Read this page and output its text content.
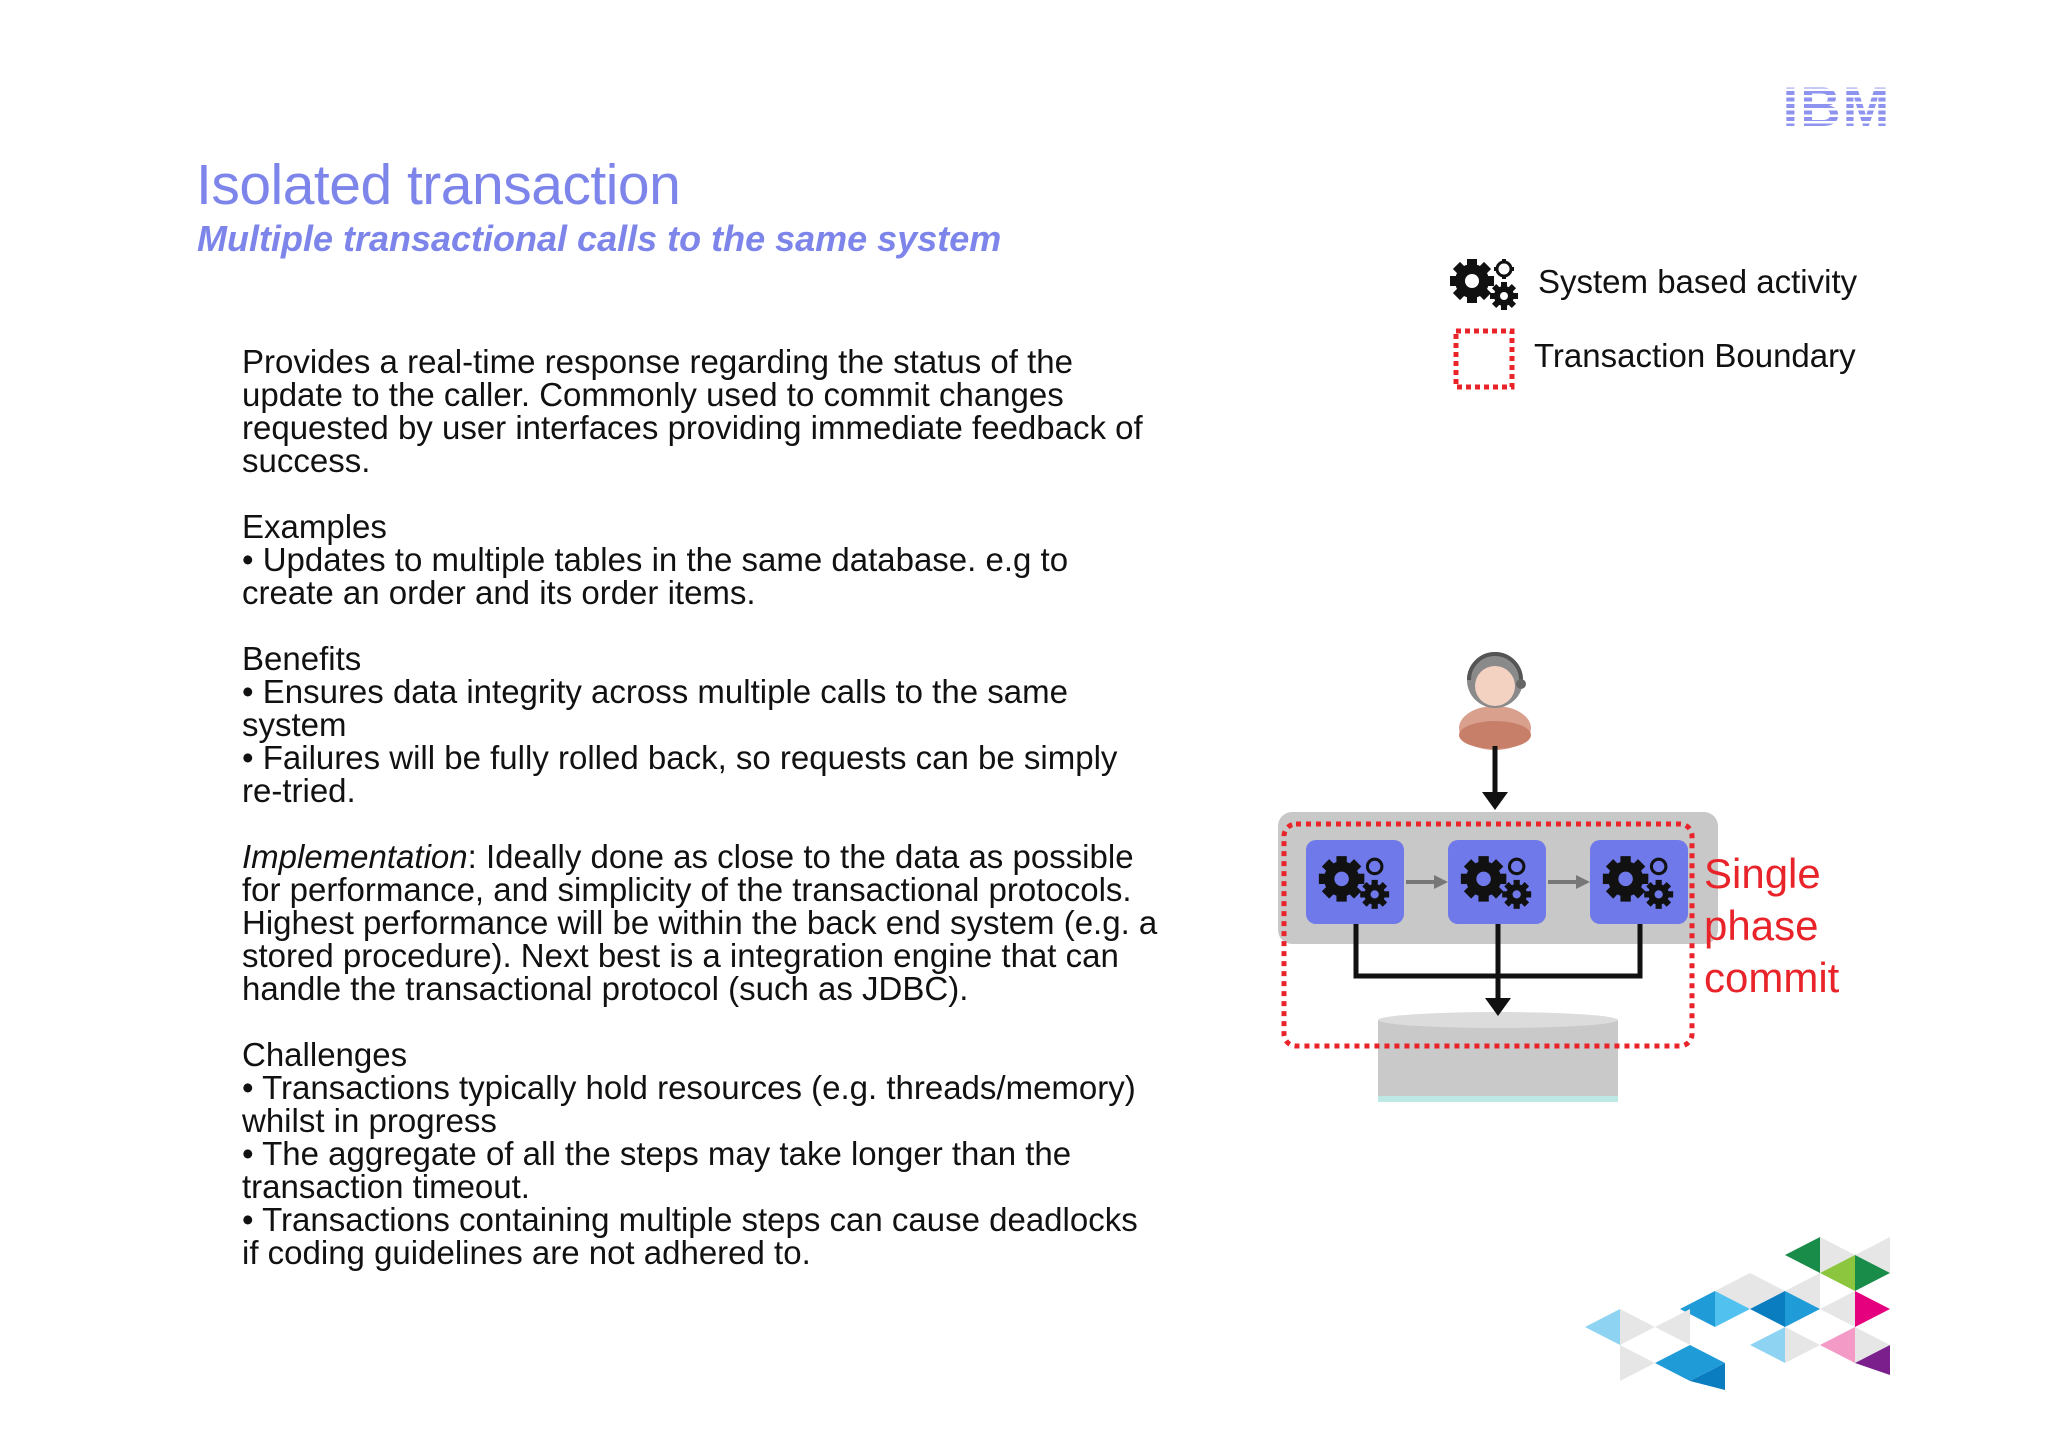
Isolated transaction
Multiple transactional calls to the same system
System based activity
Transaction Boundary

Provides a real-time response regarding the status of the
update to the caller. Commonly used to commit changes
requested by user interfaces providing immediate feedback of
success.

Examples
• Updates to multiple tables in the same database. e.g to
create an order and its order items.

Benefits
• Ensures data integrity across multiple calls to the same
system
• Failures will be fully rolled back, so requests can be simply
re-tried.

Implementation: Ideally done as close to the data as possible
for performance, and simplicity of the transactional protocols.
Highest performance will be within the back end system (e.g. a
stored procedure). Next best is a integration engine that can
handle the transactional protocol (such as JDBC).

Challenges
• Transactions typically hold resources (e.g. threads/memory)
whilst in progress
• The aggregate of all the steps may take longer than the
transaction timeout.
• Transactions containing multiple steps can cause deadlocks
if coding guidelines are not adhered to.

Single
phase
commit
